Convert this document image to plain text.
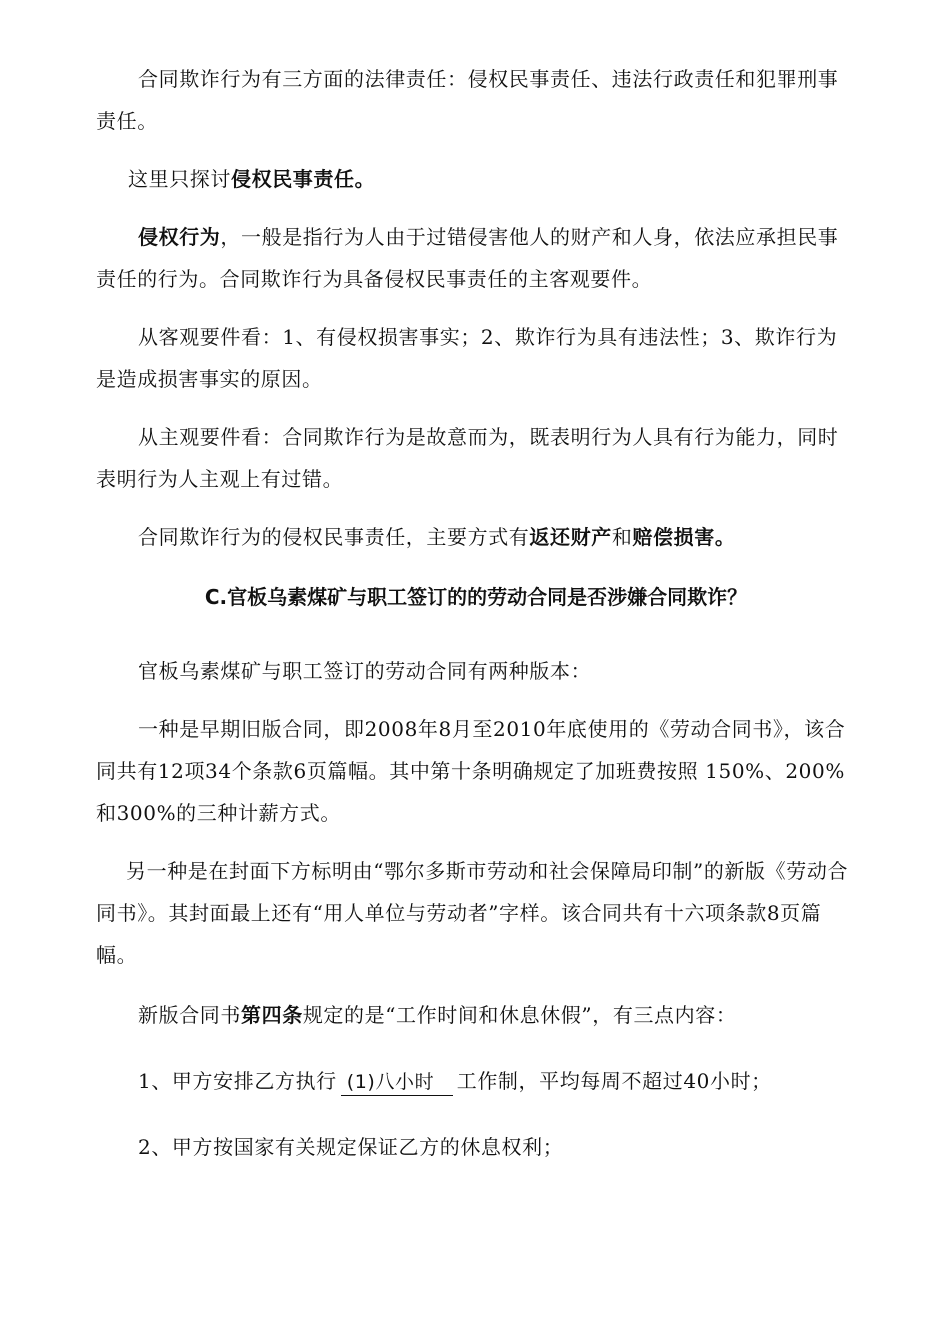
合同欺诈行为有三方面的法律责任：侵权民事责任、违法行政责任和犯罪刑事责任。

这里只探讨侵权民事责任。

侵权行为，一般是指行为人由于过错侵害他人的财产和人身，依法应承担民事责任的行为。合同欺诈行为具备侵权民事责任的主客观要件。

从客观要件看：1、有侵权损害事实；2、欺诈行为具有违法性；3、欺诈行为是造成损害事实的原因。

从主观要件看：合同欺诈行为是故意而为，既表明行为人具有行为能力，同时表明行为人主观上有过错。

合同欺诈行为的侵权民事责任，主要方式有返还财产和赔偿损害。

C.官板乌素煤矿与职工签订的的劳动合同是否涉嫌合同欺诈？

官板乌素煤矿与职工签订的劳动合同有两种版本：

一种是早期旧版合同，即2008年8月至2010年底使用的《劳动合同书》，该合同共有12项34个条款6页篇幅。其中第十条明确规定了加班费按照 150%、200%和300%的三种计薪方式。

另一种是在封面下方标明由“鄂尔多斯市劳动和社会保障局印制”的新版《劳动合同书》。其封面最上还有“用人单位与劳动者”字样。该合同共有十六项条款8页篇幅。

新版合同书第四条规定的是“工作时间和休息休假”，有三点内容：

1、甲方安排乙方执行 (1)八小时 工作制，平均每周不超过40小时；

2、甲方按国家有关规定保证乙方的休息权利；
